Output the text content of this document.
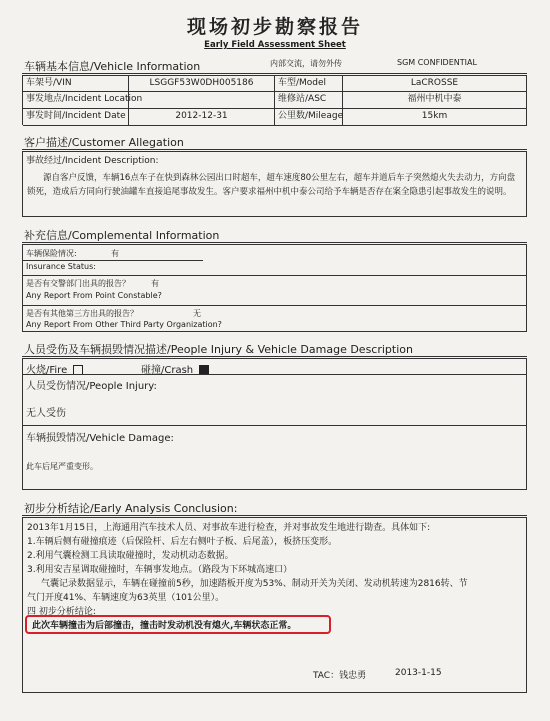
现场初步勘察报告
Early Field Assessment Sheet
内部交流，请勿外传	SGM CONFIDENTIAL
车辆基本信息/Vehicle Information
车架号/VIN	LSGGF53W0DH005186	车型/Model	LaCROSSE
事发地点/Incident Location	维修站/ASC	福州中机中泰
事发时间/Incident Date	2012-12-31	公里数/Mileage	15km
客户描述/Customer Allegation
事故经过/Incident Description:
源自客户反馈，车辆16点车子在快到森林公园出口时超车，超车速度80公里左右，超车并道后车子突然熄火失去动力，方向盘锁死，造成后方同向行驶油罐车直接追尾事故发生。客户要求福州中机中泰公司给予车辆是否存在案全隐患引起事故发生的说明。
补充信息/Complemental Information
车辆保险情况:	有
Insurance Status:
是否有交警部门出具的报告？	有
Any Report From Point Constable?
是否有其他第三方出具的报告？	无
Any Report From Other Third Party Organization?
人员受伤及车辆损毁情况描述/People Injury & Vehicle Damage Description
火烧/Fire	碰撞/Crash
人员受伤情况/People Injury:
无人受伤
车辆损毁情况/Vehicle Damage:
此车后尾严重变形。
初步分析结论/Early Analysis Conclusion:
2013年1月15日，上海通用汽车技术人员、对事故车进行检查，并对事故发生地进行勘查。具体如下:
1.车辆后侧有碰撞痕迹（后保险杆、后左右侧叶子板、后尾盖），板挤压变形。
2.利用气囊检测工具读取碰撞时，发动机动态数据。
3.利用安吉星调取碰撞时，车辆事发地点。（路段为下环城高速口）
气囊记录数据显示，车辆在碰撞前5秒，加速踏板开度为53%、制动开关为关闭、发动机转速为2816转、节
气门开度41%、车辆速度为63英里（101公里）。
四 初步分析结论:
此次车辆撞击为后部撞击，撞击时发动机没有熄火,车辆状态正常。
TAC：钱忠勇	2013-1-15
